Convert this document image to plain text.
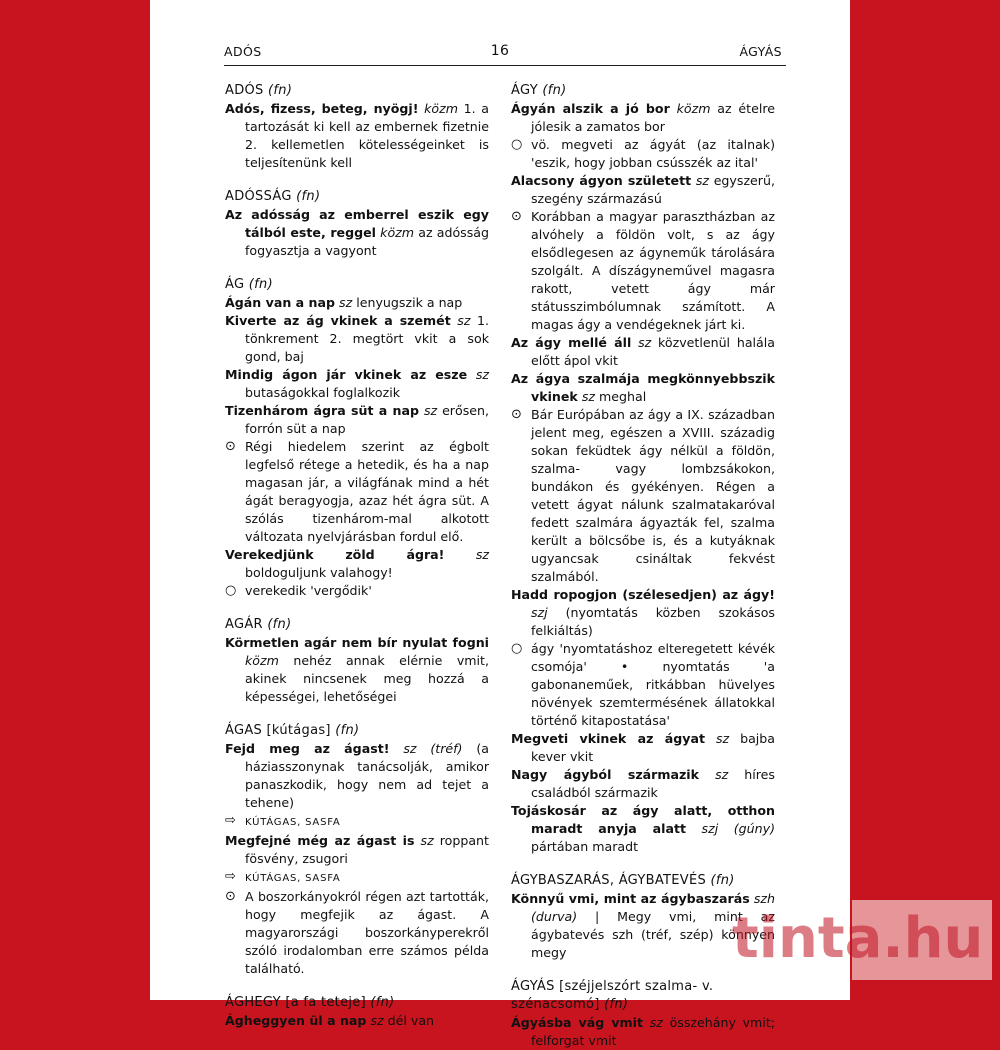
ADÓS	16	ÁGYÁS
ADÓS (fn)
Adós, fizess, beteg, nyögj! közm 1. a tartozását ki kell az embernek fizetnie 2. kellemetlen kötelességeinket is teljesítenünk kell
ADÓSSÁG (fn)
Az adósság az emberrel eszik egy tálból este, reggel közm az adósság fogyasztja a vagyont
ÁG (fn)
Ágán van a nap sz lenyugszik a nap
Kiverte az ág vkinek a szemét sz 1. tönkrement 2. megtört vkit a sok gond, baj
Mindig ágon jár vkinek az esze sz butaságokkal foglalkozik
Tizenhárom ágra süt a nap sz erősen, forrón süt a nap
⊙ Régi hiedelem szerint az égbolt legfelső rétege a hetedik, és ha a nap magasan jár, a világfának mind a hét ágát beragyogja, azaz hét ágra süt. A szólás tizenhárom-mal alkotott változata nyelvjárásban fordul elő.
Verekedjünk zöld ágra! sz boldoguljunk valahogy!
○ verekedik 'vergődik'
AGÁR (fn)
Körmetlen agár nem bír nyulat fogni közm nehéz annak elérnie vmit, akinek nincsenek meg hozzá a képességei, lehetőségei
ÁGAS [kútágas] (fn)
Fejd meg az ágast! sz (tréf) (a háziasszonynak tanácsolják, amikor panaszkodik, hogy nem ad tejet a tehene)
⇨ KÚTÁGAS, SASFA
Megfejné még az ágast is sz roppant fösvény, zsugori
⇨ KÚTÁGAS, SASFA
⊙ A boszorkányokról régen azt tartották, hogy megfejik az ágast. A magyarországi boszorkányperekről szóló irodalomban erre számos példa található.
ÁGHEGY [a fa teteje] (fn)
Ágheggyen ül a nap sz dél van
ÁGY (fn)
Ágyán alszik a jó bor közm az ételre jólesik a zamatos bor
○ vö. megveti az ágyát (az italnak) 'eszik, hogy jobban csússzék az ital'
Alacsony ágyon született sz egyszerű, szegény származású
⊙ Korábban a magyar parasztházban az alvóhely a földön volt, s az ágy elsődlegesen az ágyneműk tárolására szolgált. A díszágyneművel magasra rakott, vetett ágy már státusszimbólumnak számított. A magas ágy a vendégeknek járt ki.
Az ágy mellé áll sz közvetlenül halála előtt ápol vkit
Az ágya szalmája megkönnyebbszik vkinek sz meghal
⊙ Bár Európában az ágy a IX. században jelent meg, egészen a XVIII. századig sokan feküdtek ágy nélkül a földön, szalma- vagy lombzsákokon, bundákon és gyékényen. Régen a vetett ágyat nálunk szalmatakaróval fedett szalmára ágyazták fel, szalma került a bölcsőbe is, és a kutyáknak ugyancsak csináltak fekvést szalmából.
Hadd ropogjon (szélesedjen) az ágy! szj (nyomtatás közben szokásos felkiáltás)
○ ágy 'nyomtatáshoz elteregetett kévék csomója' • nyomtatás 'a gabonaneműek, ritkábban hüvelyes növények szemtermésének állatokkal történő kitapostatása'
Megveti vkinek az ágyat sz bajba kever vkit
Nagy ágyból származik sz híres családból származik
Tojáskosár az ágy alatt, otthon maradt anyja alatt szj (gúny) pártában maradt
ÁGYBASZARÁS, ÁGYBATEVÉS (fn)
Könnyű vmi, mint az ágybaszarás szh (durva) | Megy vmi, mint az ágybatevés szh (tréf, szép) könnyen megy
ÁGYÁS [széjjelszórt szalma- v. szénacsomó] (fn)
Ágyásba vág vmit sz összehány vmit; felforgat vmit
tinta.hu
